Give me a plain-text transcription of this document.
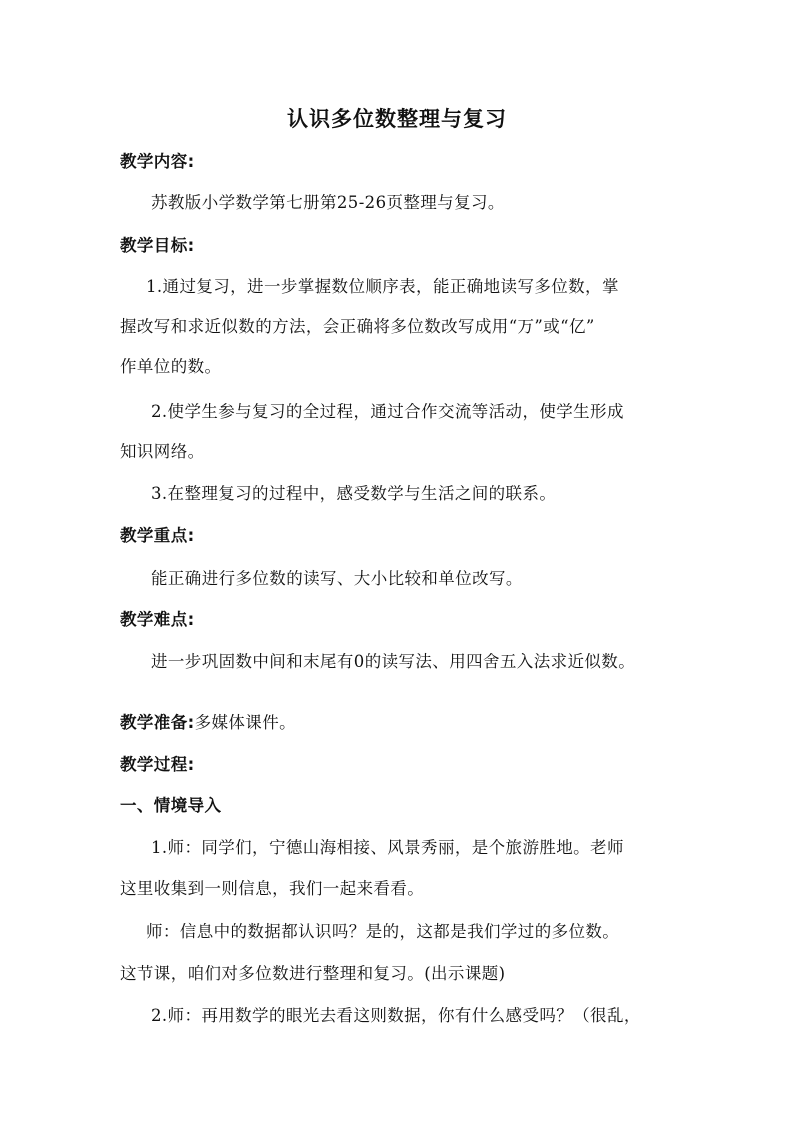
认识多位数整理与复习
教学内容:
苏教版小学数学第七册第25-26页整理与复习。
教学目标:
1.通过复习，进一步掌握数位顺序表，能正确地读写多位数，掌
握改写和求近似数的方法，会正确将多位数改写成用“万”或“亿”
作单位的数。
2.使学生参与复习的全过程，通过合作交流等活动，使学生形成
知识网络。
3.在整理复习的过程中，感受数学与生活之间的联系。
教学重点:
能正确进行多位数的读写、大小比较和单位改写。
教学难点:
进一步巩固数中间和末尾有0的读写法、用四舍五入法求近似数。
教学准备:多媒体课件。
教学过程:
一、情境导入
1.师：同学们，宁德山海相接、风景秀丽，是个旅游胜地。老师
这里收集到一则信息，我们一起来看看。
师：信息中的数据都认识吗？是的，这都是我们学过的多位数。
这节课，咱们对多位数进行整理和复习。(出示课题)
2.师：再用数学的眼光去看这则数据，你有什么感受吗？（很乱，
